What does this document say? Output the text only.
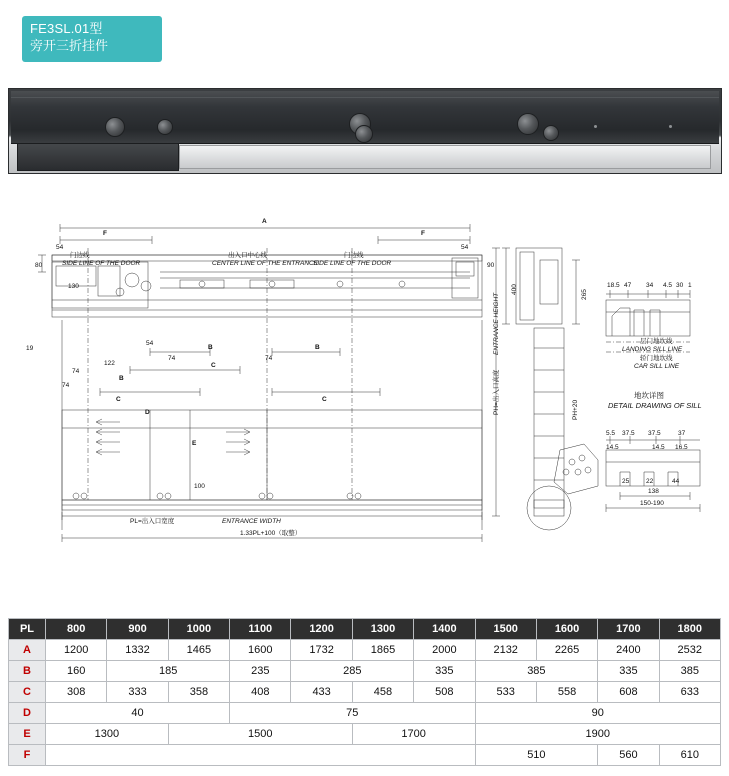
FE3SL.01型
旁开三折挂件
A
F	F
54	54
80	90
130
19
122
74	74
74
74
54
B	B
B
C
C	C
D
E
100
400	265
PH+20
门边线
SIDE LINE OF THE DOOR
出入口中心线
CENTER LINE OF THE ENTRANCE
门边线
SIDE LINE OF THE DOOR
PH=出入口高度
ENTRANCE HEIGHT
PL=出入口宽度	ENTRANCE WIDTH
1.33PL+100（取整）
层门地坎线
LANDING SILL LINE
轿门地坎线
CAR SILL LINE
地坎详图
DETAIL DRAWING OF SILL
18.5 47 34 4.5 30 1
5.5 37.5 37.5	37
14.5	14.5 16.5
25	22	44
138
150-190
PL	800	900	1000	1100	1200	1300	1400	1500	1600	1700	1800
A	1200	1332	1465	1600	1732	1865	2000	2132	2265	2400	2532
B	160	185		235	285		335	385		335	385
C	308	333	358	408	433	458	508	533	558	608	633
D	40			75				90			
E	1300		1500			1700		1900			
F								510		560	610
